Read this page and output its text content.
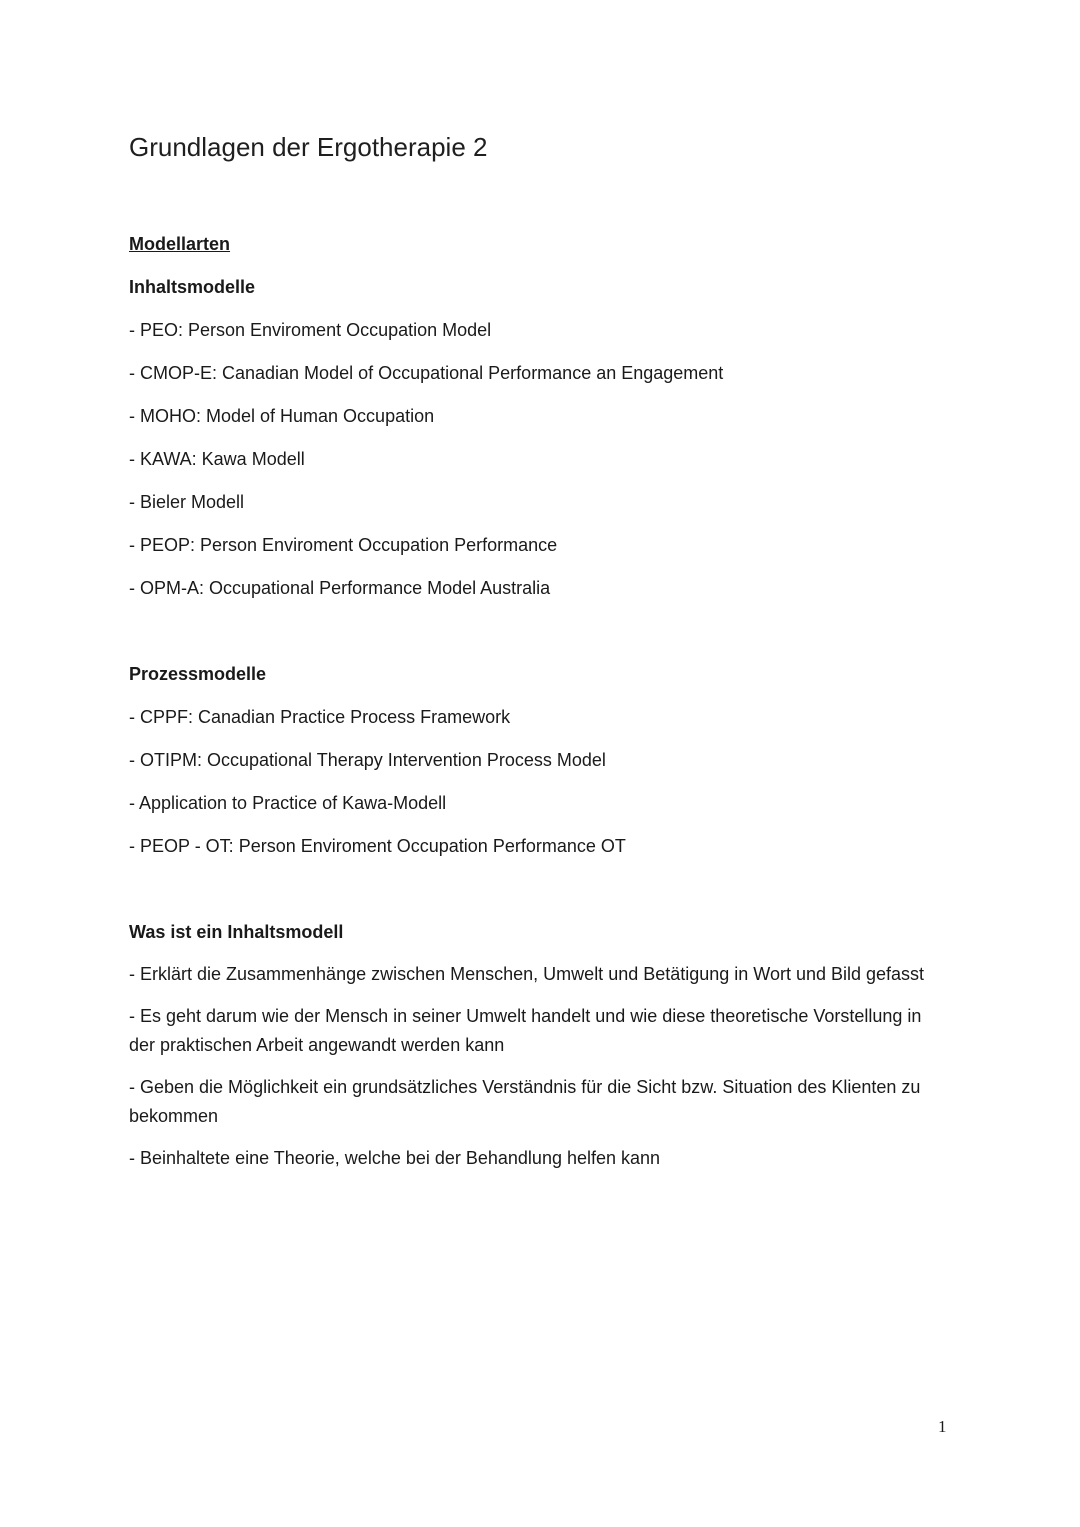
Grundlagen der Ergotherapie 2
Modellarten
Inhaltsmodelle
- PEO: Person Enviroment Occupation Model
- CMOP-E: Canadian Model of Occupational Performance an Engagement
- MOHO: Model of Human Occupation
- KAWA: Kawa Modell
- Bieler Modell
- PEOP: Person Enviroment Occupation Performance
- OPM-A: Occupational Performance Model Australia
Prozessmodelle
- CPPF: Canadian Practice Process Framework
- OTIPM: Occupational Therapy Intervention Process Model
- Application to Practice of Kawa-Modell
- PEOP - OT: Person Enviroment Occupation Performance OT
Was ist ein Inhaltsmodell
- Erklärt die Zusammenhänge zwischen Menschen, Umwelt und Betätigung in Wort und Bild gefasst
- Es geht darum wie der Mensch in seiner Umwelt handelt und wie diese theoretische Vorstellung in der praktischen Arbeit angewandt werden kann
- Geben die Möglichkeit ein grundsätzliches Verständnis für die Sicht bzw. Situation des Klienten zu bekommen
- Beinhaltete eine Theorie, welche bei der Behandlung helfen kann
1
